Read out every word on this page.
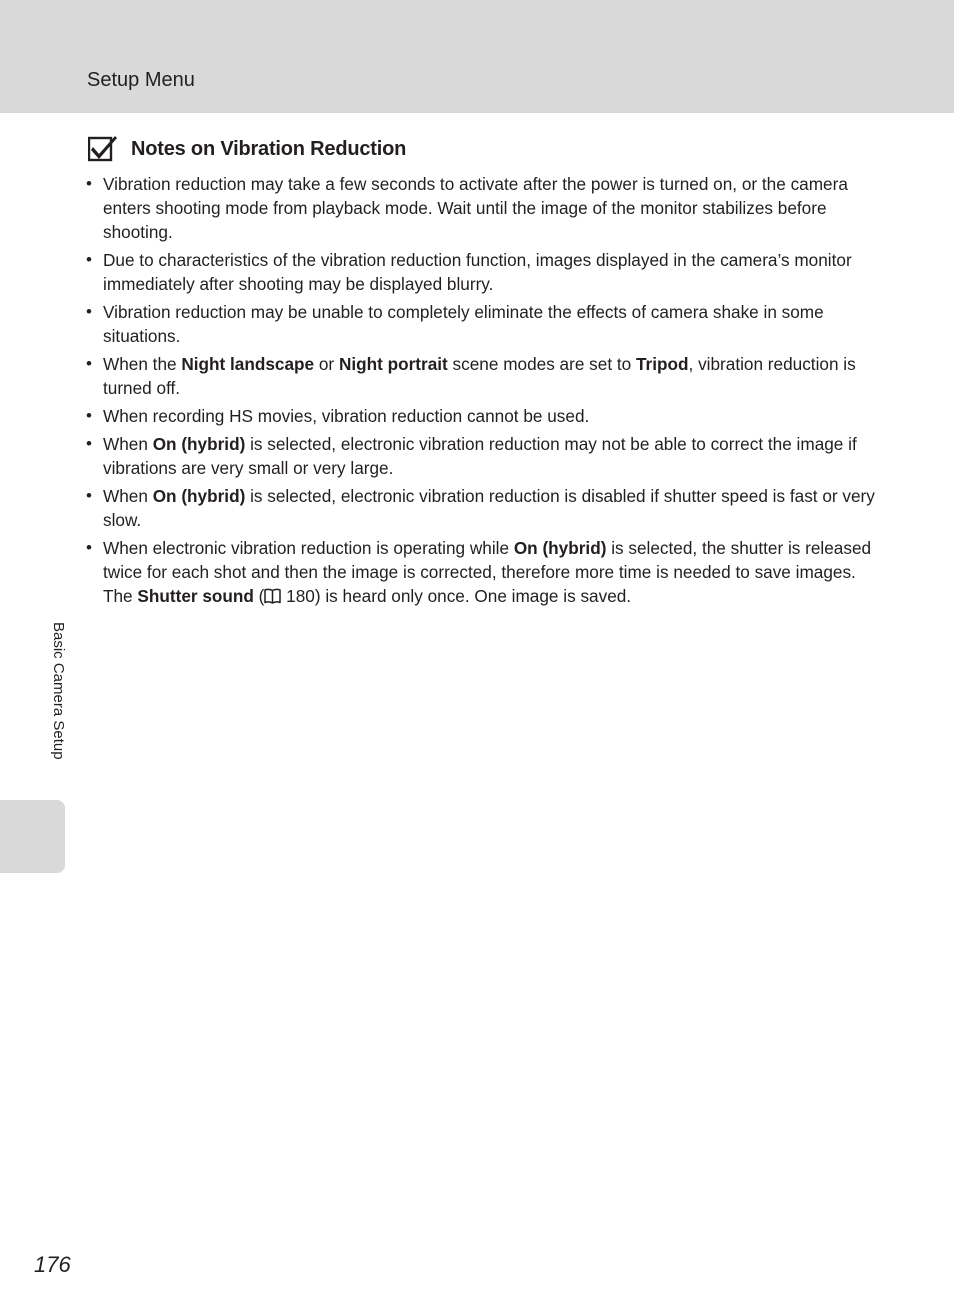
Setup Menu
Notes on Vibration Reduction
• Vibration reduction may take a few seconds to activate after the power is turned on, or the camera enters shooting mode from playback mode. Wait until the image of the monitor stabilizes before shooting.
• Due to characteristics of the vibration reduction function, images displayed in the camera’s monitor immediately after shooting may be displayed blurry.
• Vibration reduction may be unable to completely eliminate the effects of camera shake in some situations.
• When the Night landscape or Night portrait scene modes are set to Tripod, vibration reduction is turned off.
• When recording HS movies, vibration reduction cannot be used.
• When On (hybrid) is selected, electronic vibration reduction may not be able to correct the image if vibrations are very small or very large.
• When On (hybrid) is selected, electronic vibration reduction is disabled if shutter speed is fast or very slow.
• When electronic vibration reduction is operating while On (hybrid) is selected, the shutter is released twice for each shot and then the image is corrected, therefore more time is needed to save images. The Shutter sound ( 180) is heard only once. One image is saved.
Basic Camera Setup
176
